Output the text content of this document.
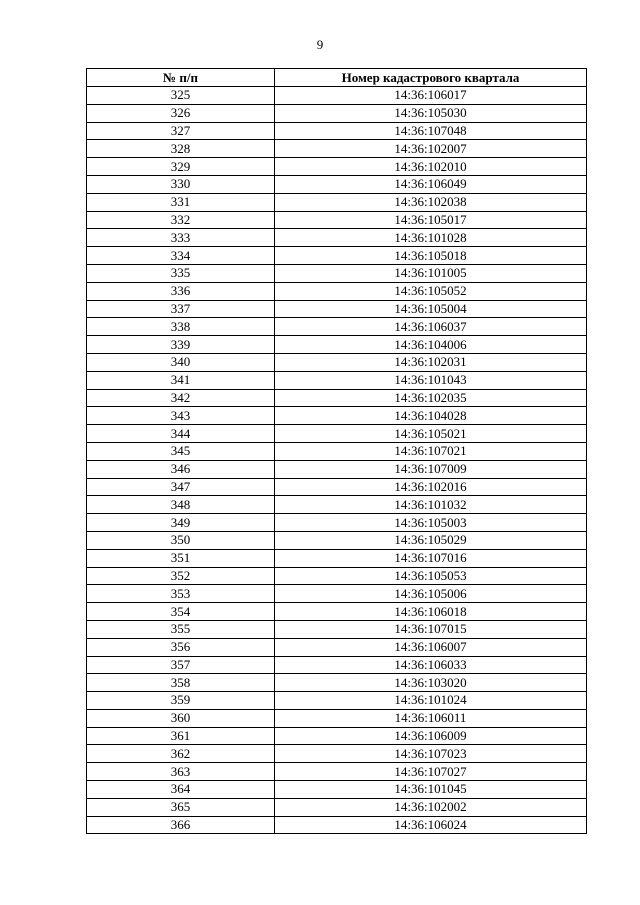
9
№ п/п	Номер кадастрового квартала
325	14:36:106017
326	14:36:105030
327	14:36:107048
328	14:36:102007
329	14:36:102010
330	14:36:106049
331	14:36:102038
332	14:36:105017
333	14:36:101028
334	14:36:105018
335	14:36:101005
336	14:36:105052
337	14:36:105004
338	14:36:106037
339	14:36:104006
340	14:36:102031
341	14:36:101043
342	14:36:102035
343	14:36:104028
344	14:36:105021
345	14:36:107021
346	14:36:107009
347	14:36:102016
348	14:36:101032
349	14:36:105003
350	14:36:105029
351	14:36:107016
352	14:36:105053
353	14:36:105006
354	14:36:106018
355	14:36:107015
356	14:36:106007
357	14:36:106033
358	14:36:103020
359	14:36:101024
360	14:36:106011
361	14:36:106009
362	14:36:107023
363	14:36:107027
364	14:36:101045
365	14:36:102002
366	14:36:106024
